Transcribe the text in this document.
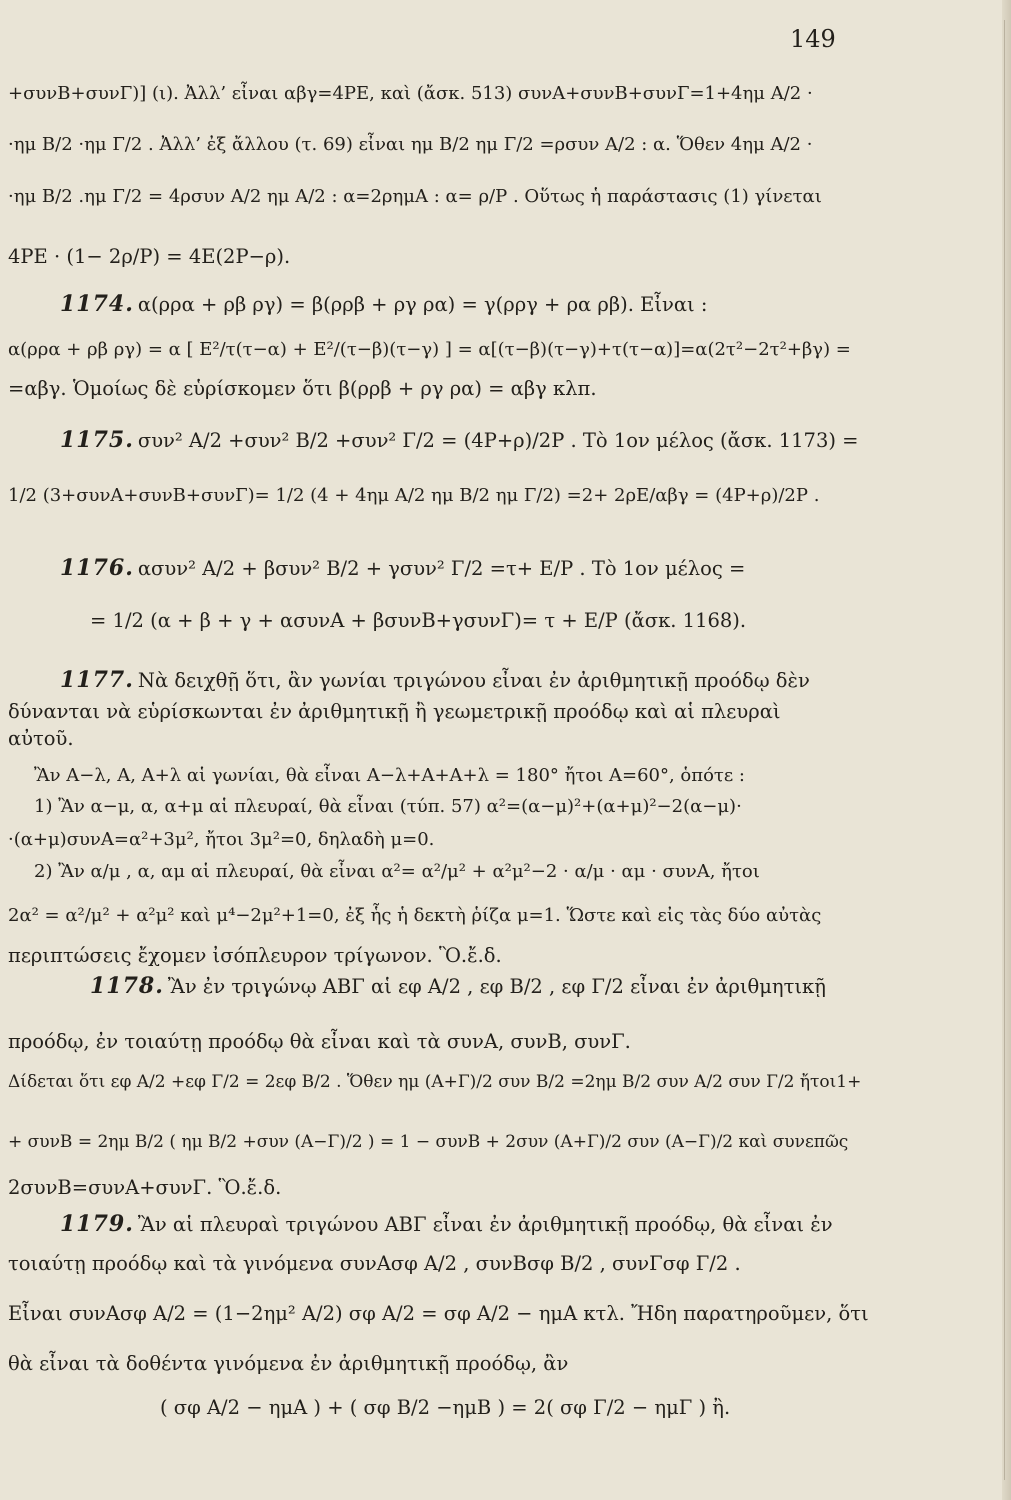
149
+συνΒ+συνΓ)] (ι). Ἀλλ’ εἶναι αβγ=4ΡΕ, καὶ (ἄσκ. 513) συνΑ+συνΒ+συνΓ=1+4ημ A/2 ·
·ημ B/2 ·ημ Γ/2 . Ἀλλ’ ἐξ ἄλλου (τ. 69) εἶναι ημ B/2 ημ Γ/2 =ρσυν A/2 : α. Ὅθεν 4ημ A/2 ·
·ημ B/2 .ημ Γ/2 = 4ρσυν A/2 ημ A/2 : α=2ρημΑ : α= ρ/Ρ . Οὕτως ἡ παράστασις (1) γίνεται
4ΡΕ · (1− 2ρ/Ρ) = 4Ε(2Ρ−ρ).
1174. α(ρρα + ρβ ργ) = β(ρρβ + ργ ρα) = γ(ρργ + ρα ρβ). Εἶναι :
α(ρρα + ρβ ργ) = α [ Ε²/τ(τ−α) + Ε²/(τ−β)(τ−γ) ] = α[(τ−β)(τ−γ)+τ(τ−α)]=α(2τ²−2τ²+βγ) =
=αβγ. Ὁμοίως δὲ εὑρίσκομεν ὅτι β(ρρβ + ργ ρα) = αβγ κλπ.
1175. συν² A/2 +συν² B/2 +συν² Γ/2 = (4Ρ+ρ)/2Ρ . Τὸ 1ον μέλος (ἄσκ. 1173) =
1/2 (3+συνΑ+συνΒ+συνΓ)= 1/2 (4 + 4ημ A/2 ημ B/2 ημ Γ/2) =2+ 2ρΕ/αβγ = (4Ρ+ρ)/2Ρ .
1176. ασυν² A/2 + βσυν² B/2 + γσυν² Γ/2 =τ+ Ε/Ρ . Τὸ 1ον μέλος =
= 1/2 (α + β + γ + ασυνΑ + βσυνΒ+γσυνΓ)= τ + Ε/Ρ (ἄσκ. 1168).
1177. Νὰ δειχθῇ ὅτι, ἂν γωνίαι τριγώνου εἶναι ἐν ἀριθμητικῇ προόδῳ δὲν
δύνανται νὰ εὑρίσκωνται ἐν ἀριθμητικῇ ἢ γεωμετρικῇ προόδῳ καὶ αἱ πλευραὶ
αὐτοῦ.
Ἂν Α−λ, Α, Α+λ αἱ γωνίαι, θὰ εἶναι Α−λ+Α+Α+λ = 180° ἤτοι Α=60°, ὁπότε :
1) Ἂν α−μ, α, α+μ αἱ πλευραί, θὰ εἶναι (τύπ. 57) α²=(α−μ)²+(α+μ)²−2(α−μ)·
·(α+μ)συνΑ=α²+3μ², ἤτοι 3μ²=0, δηλαδὴ μ=0.
2) Ἂν α/μ , α, αμ αἱ πλευραί, θὰ εἶναι α²= α²/μ² + α²μ²−2 · α/μ · αμ · συνΑ, ἤτοι
2α² = α²/μ² + α²μ² καὶ μ⁴−2μ²+1=0, ἐξ ἧς ἡ δεκτὴ ῥίζα μ=1. Ὥστε καὶ εἰς τὰς δύο αὐτὰς
περιπτώσεις ἔχομεν ἰσόπλευρον τρίγωνον. Ὃ.ἔ.δ.
1178. Ἂν ἐν τριγώνῳ ΑΒΓ αἱ εφ A/2 , εφ B/2 , εφ Γ/2 εἶναι ἐν ἀριθμητικῇ
προόδῳ, ἐν τοιαύτῃ προόδῳ θὰ εἶναι καὶ τὰ συνΑ, συνΒ, συνΓ.
Δίδεται ὅτι εφ A/2 +εφ Γ/2 = 2εφ B/2 . Ὅθεν ημ (Α+Γ)/2 συν B/2 =2ημ B/2 συν A/2 συν Γ/2 ἤτοι1+
+ συνΒ = 2ημ B/2 ( ημ B/2 +συν (Α−Γ)/2 ) = 1 − συνΒ + 2συν (Α+Γ)/2 συν (Α−Γ)/2 καὶ συνεπῶς
2συνΒ=συνΑ+συνΓ. Ὃ.ἔ.δ.
1179. Ἂν αἱ πλευραὶ τριγώνου ΑΒΓ εἶναι ἐν ἀριθμητικῇ προόδῳ, θὰ εἶναι ἐν
τοιαύτῃ προόδῳ καὶ τὰ γινόμενα συνΑσφ A/2 , συνΒσφ B/2 , συνΓσφ Γ/2 .
Εἶναι συνΑσφ A/2 = (1−2ημ² A/2) σφ A/2 = σφ A/2 − ημΑ κτλ. Ἤδη παρατηροῦμεν, ὅτι
θὰ εἶναι τὰ δοθέντα γινόμενα ἐν ἀριθμητικῇ προόδῳ, ἂν
( σφ A/2 − ημΑ ) + ( σφ B/2 −ημΒ ) = 2( σφ Γ/2 − ημΓ ) ἢ.
